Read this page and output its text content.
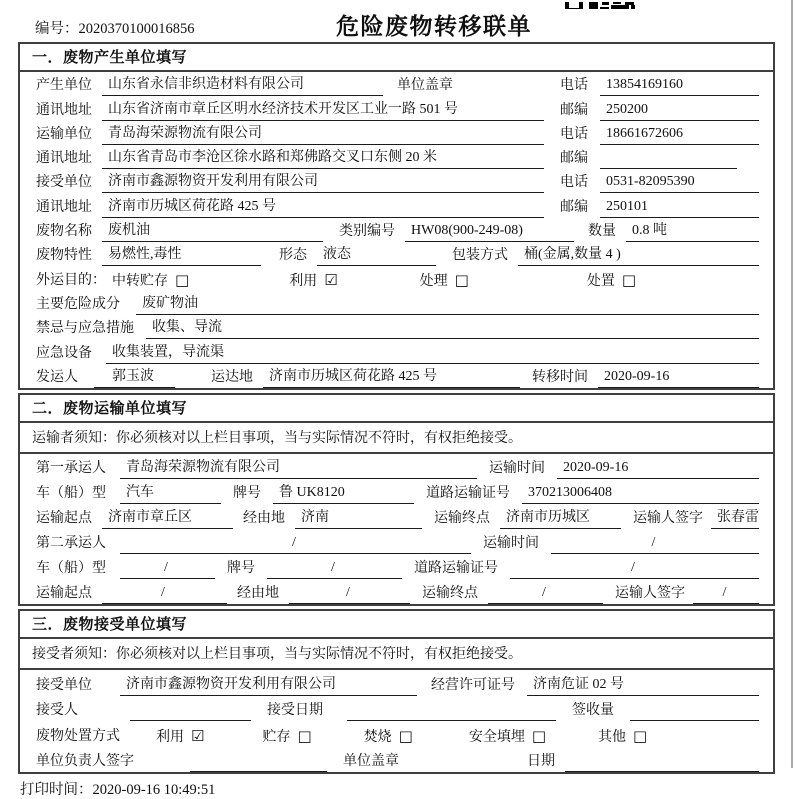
编号：2020370100016856	危险废物转移联单
一．废物产生单位填写
产生单位	山东省永信非织造材料有限公司	单位盖章	电话	13854169160
通讯地址	山东省济南市章丘区明水经济技术开发区工业一路 501 号	邮编	250200
运输单位	青岛海荣源物流有限公司	电话	18661672606
通讯地址	山东省青岛市李沧区徐水路和郑佛路交叉口东侧 20 米	邮编
接受单位	济南市鑫源物资开发利用有限公司	电话	0531-82095390
通讯地址	济南市历城区荷花路 425 号	邮编	250101
废物名称	废机油	类别编号	HW08(900-249-08)	数量	0.8 吨
废物特性	易燃性,毒性	形态	液态	包装方式	桶(金属,数量 4 )
外运目的： 中转贮存 □	利用 ☑	处理 □	处置 □
主要危险成分	废矿物油
禁忌与应急措施	收集、导流
应急设备	收集装置，导流渠
发运人	郭玉波	运达地	济南市历城区荷花路 425 号	转移时间	2020-09-16
二．废物运输单位填写
运输者须知：你必须核对以上栏目事项，当与实际情况不符时，有权拒绝接受。
第一承运人	青岛海荣源物流有限公司	运输时间	2020-09-16
车（船）型	汽车	牌号	鲁 UK8120	道路运输证号	370213006408
运输起点	济南市章丘区	经由地	济南	运输终点	济南市历城区	运输人签字	张春雷
第二承运人	/	运输时间	/
车（船）型	/	牌号	/	道路运输证号	/
运输起点	/	经由地	/	运输终点	/	运输人签字	/
三．废物接受单位填写
接受者须知：你必须核对以上栏目事项，当与实际情况不符时，有权拒绝接受。
接受单位	济南市鑫源物资开发利用有限公司	经营许可证号	济南危证 02 号
接受人	接受日期	签收量
废物处置方式	利用 ☑	贮存 □	焚烧 □	安全填埋 □	其他 □
单位负责人签字	单位盖章	日期
打印时间：2020-09-16 10:49:51
